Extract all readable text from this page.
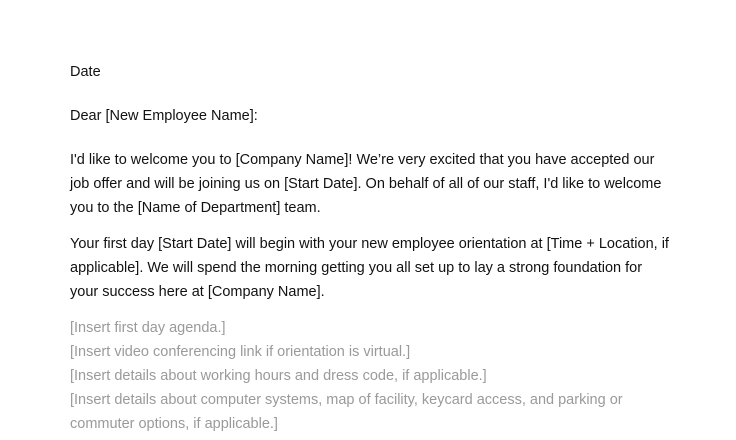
Date
Dear [New Employee Name]:
I'd like to welcome you to [Company Name]! We’re very excited that you have accepted our job offer and will be joining us on [Start Date]. On behalf of all of our staff, I'd like to welcome you to the [Name of Department] team.
Your first day [Start Date] will begin with your new employee orientation at [Time + Location, if applicable]. We will spend the morning getting you all set up to lay a strong foundation for your success here at [Company Name].
[Insert first day agenda.]
[Insert video conferencing link if orientation is virtual.]
[Insert details about working hours and dress code, if applicable.]
[Insert details about computer systems, map of facility, keycard access, and parking or commuter options, if applicable.]
